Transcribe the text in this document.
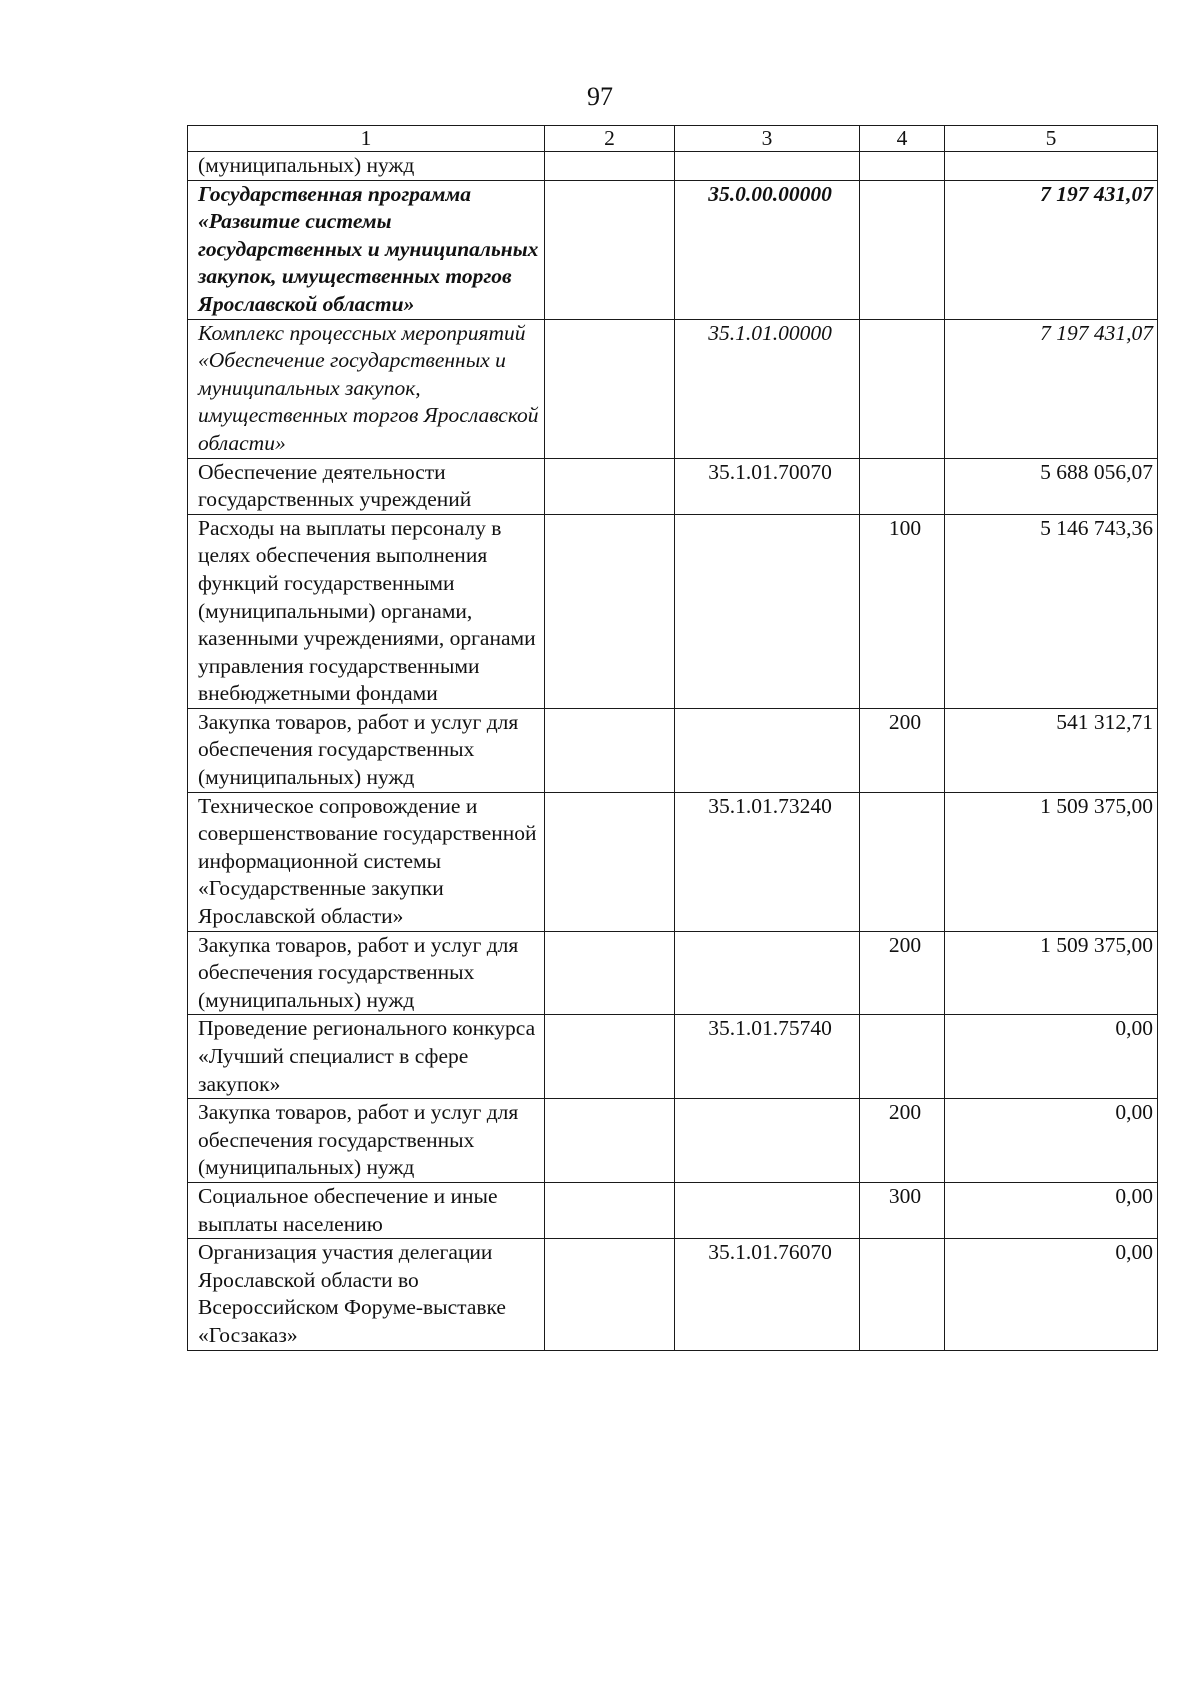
97
1	2	3	4	5
(муниципальных) нужд				
Государственная программа «Развитие системы государственных и муниципальных закупок, имущественных торгов Ярославской области»		35.0.00.00000		7 197 431,07
Комплекс процессных мероприятий «Обеспечение государственных и муниципальных закупок, имущественных торгов Ярославской области»		35.1.01.00000		7 197 431,07
Обеспечение деятельности государственных учреждений		35.1.01.70070		5 688 056,07
Расходы на выплаты персоналу в целях обеспечения выполнения функций государственными (муниципальными) органами, казенными учреждениями, органами управления государственными внебюджетными фондами			100	5 146 743,36
Закупка товаров, работ и услуг для обеспечения государственных (муниципальных) нужд			200	541 312,71
Техническое сопровождение и совершенствование государственной информационной системы «Государственные закупки Ярославской области»		35.1.01.73240		1 509 375,00
Закупка товаров, работ и услуг для обеспечения государственных (муниципальных) нужд			200	1 509 375,00
Проведение регионального конкурса «Лучший специалист в сфере закупок»		35.1.01.75740		0,00
Закупка товаров, работ и услуг для обеспечения государственных (муниципальных) нужд			200	0,00
Социальное обеспечение и иные выплаты населению			300	0,00
Организация участия делегации Ярославской области во Всероссийском Форуме-выставке «Госзаказ»		35.1.01.76070		0,00
